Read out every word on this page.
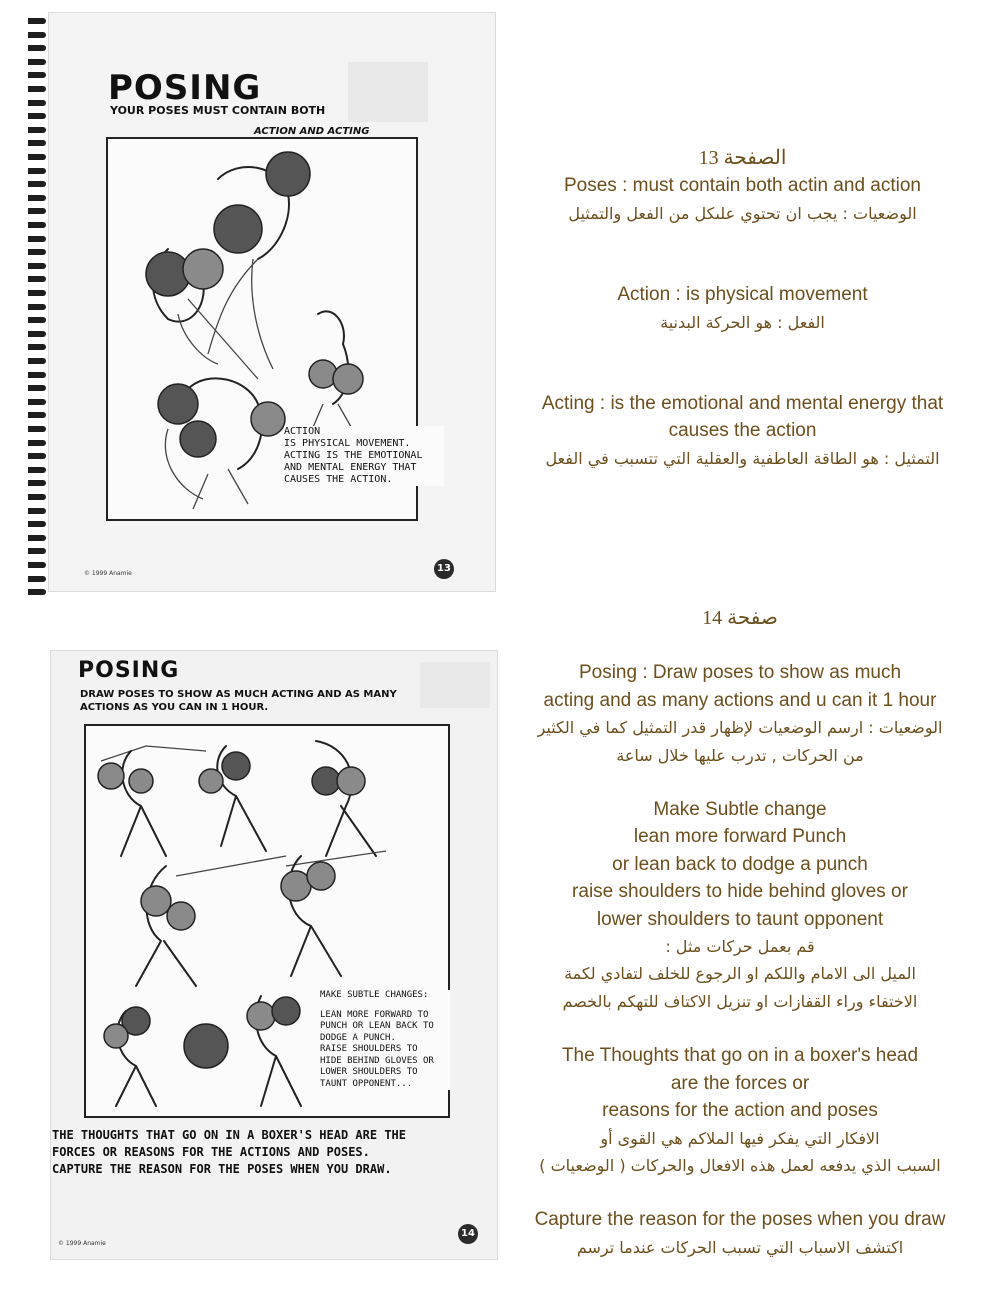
POSING
YOUR POSES MUST CONTAIN BOTH
ACTION AND ACTING
ACTION
IS PHYSICAL MOVEMENT.
ACTING IS THE EMOTIONAL
AND MENTAL ENERGY THAT
CAUSES THE ACTION.
© 1999 Anamie	13
POSING
DRAW POSES TO SHOW AS MUCH ACTING AND AS MANY
ACTIONS AS YOU CAN IN 1 HOUR.
MAKE SUBTLE CHANGES:
LEAN MORE FORWARD TO
PUNCH OR LEAN BACK TO
DODGE A PUNCH.
RAISE SHOULDERS TO
HIDE BEHIND GLOVES OR
LOWER SHOULDERS TO
TAUNT OPPONENT...
THE THOUGHTS THAT GO ON IN A BOXER'S HEAD ARE THE
FORCES OR REASONS FOR THE ACTIONS AND POSES.
CAPTURE THE REASON FOR THE POSES WHEN YOU DRAW.
© 1999 Anamie
14
الصفحة 13
Poses : must contain both actin and action
الوضعيات : يجب ان تحتوي علىكل من الفعل والتمثيل
Action : is physical movement
الفعل : هو الحركة البدنية
Acting : is the emotional and mental energy that
causes the action
التمثيل : هو الطاقة العاطفية والعقلية التي تتسبب في الفعل
صفحة 14
Posing : Draw poses to show as much
acting and as many actions and u can it 1 hour
الوضعيات : ارسم الوضعيات لإظهار قدر التمثيل كما في الكثير
من الحركات , تدرب عليها خلال ساعة
Make Subtle change
lean more forward Punch
or lean back to dodge a punch
raise shoulders to hide behind gloves or
lower shoulders to taunt opponent
قم بعمل حركات مثل :
الميل الى الامام واللكم او الرجوع للخلف لتفادي لكمة
الاختفاء وراء القفازات او تنزيل الاكتاف للتهكم بالخصم
The Thoughts that go on in a boxer's head
are the forces or
reasons for the action and poses
الافكار التي يفكر فيها الملاكم هي القوى أو
السبب الذي يدفعه لعمل هذه الافعال والحركات ( الوضعيات )
Capture the reason for the poses when you draw
اكتشف الاسباب التي تسبب الحركات عندما ترسم
